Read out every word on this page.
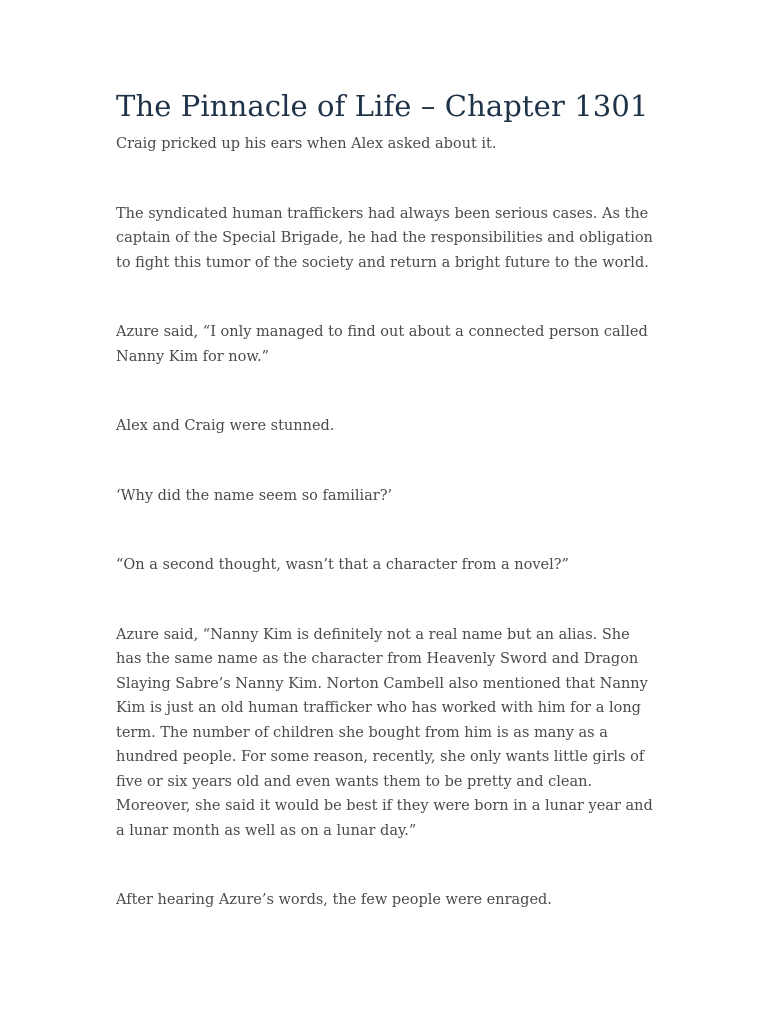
The Pinnacle of Life – Chapter 1301

Craig pricked up his ears when Alex asked about it.

The syndicated human traffickers had always been serious cases. As the captain of the Special Brigade, he had the responsibilities and obligation to fight this tumor of the society and return a bright future to the world.

Azure said, “I only managed to find out about a connected person called Nanny Kim for now.”

Alex and Craig were stunned.

‘Why did the name seem so familiar?’

“On a second thought, wasn’t that a character from a novel?”

Azure said, “Nanny Kim is definitely not a real name but an alias. She has the same name as the character from Heavenly Sword and Dragon Slaying Sabre’s Nanny Kim. Norton Cambell also mentioned that Nanny Kim is just an old human trafficker who has worked with him for a long term. The number of children she bought from him is as many as a hundred people. For some reason, recently, she only wants little girls of five or six years old and even wants them to be pretty and clean. Moreover, she said it would be best if they were born in a lunar year and a lunar month as well as on a lunar day.”

After hearing Azure’s words, the few people were enraged.
